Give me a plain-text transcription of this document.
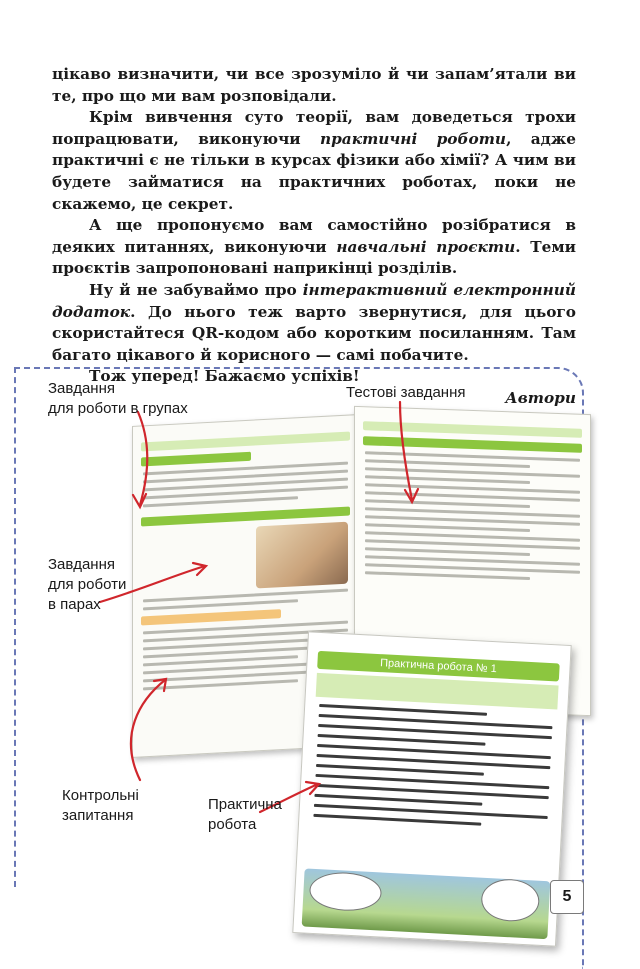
цікаво визначити, чи все зрозуміло й чи запам’ятали ви те, про що ми вам розповідали.

Крім вивчення суто теорії, вам доведеться трохи попрацювати, виконуючи практичні роботи, адже практичні є не тільки в курсах фізики або хімії? А чим ви будете займатися на практичних роботах, поки не скажемо, це секрет.

А ще пропонуємо вам самостійно розібратися в деяких питаннях, виконуючи навчальні проєкти. Теми проєктів запропоновані наприкінці розділів.

Ну й не забуваймо про інтерактивний електронний додаток. До нього теж варто звернутися, для цього скористайтеся QR-кодом або коротким посиланням. Там багато цікавого й корисного — самі побачите.

Тож уперед! Бажаємо успіхів!

Автори

Практична робота № 1
Завдання
для роботи в групах
Тестові завдання
Завдання
для роботи
в парах
Контрольні
запитання
Практична
робота
5
